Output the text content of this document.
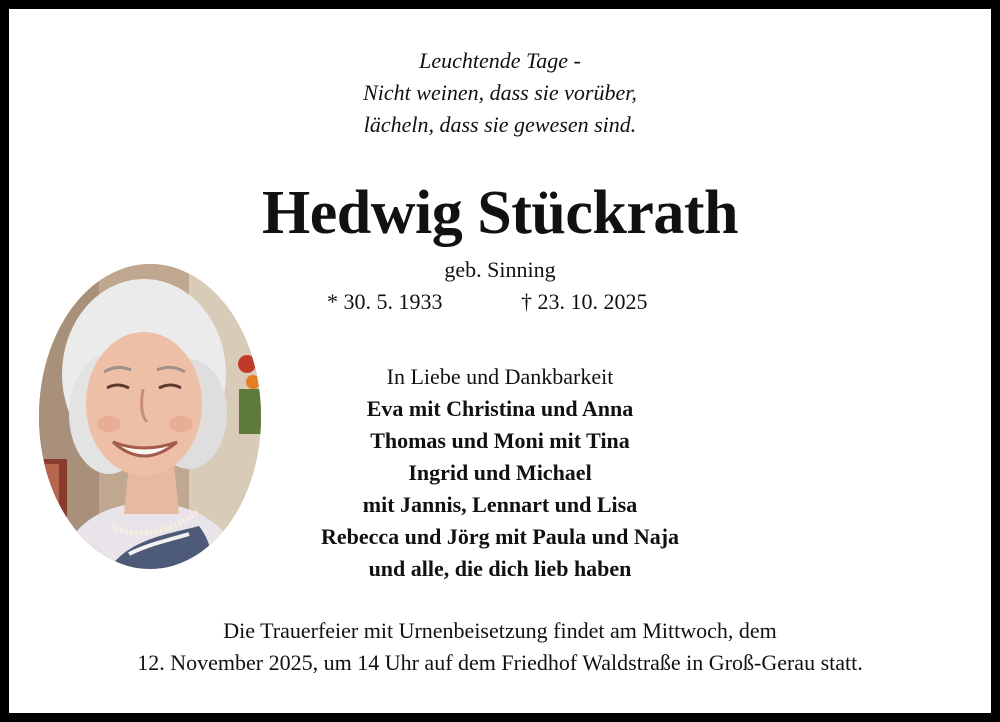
Leuchtende Tage -
Nicht weinen, dass sie vorüber,
lächeln, dass sie gewesen sind.
Hedwig Stückrath
geb. Sinning
* 30. 5. 1933	† 23. 10. 2025
In Liebe und Dankbarkeit
Eva mit Christina und Anna
Thomas und Moni mit Tina
Ingrid und Michael
mit Jannis, Lennart und Lisa
Rebecca und Jörg mit Paula und Naja
und alle, die dich lieb haben
Die Trauerfeier mit Urnenbeisetzung findet am Mittwoch, dem
12. November 2025, um 14 Uhr auf dem Friedhof Waldstraße in Groß-Gerau statt.
